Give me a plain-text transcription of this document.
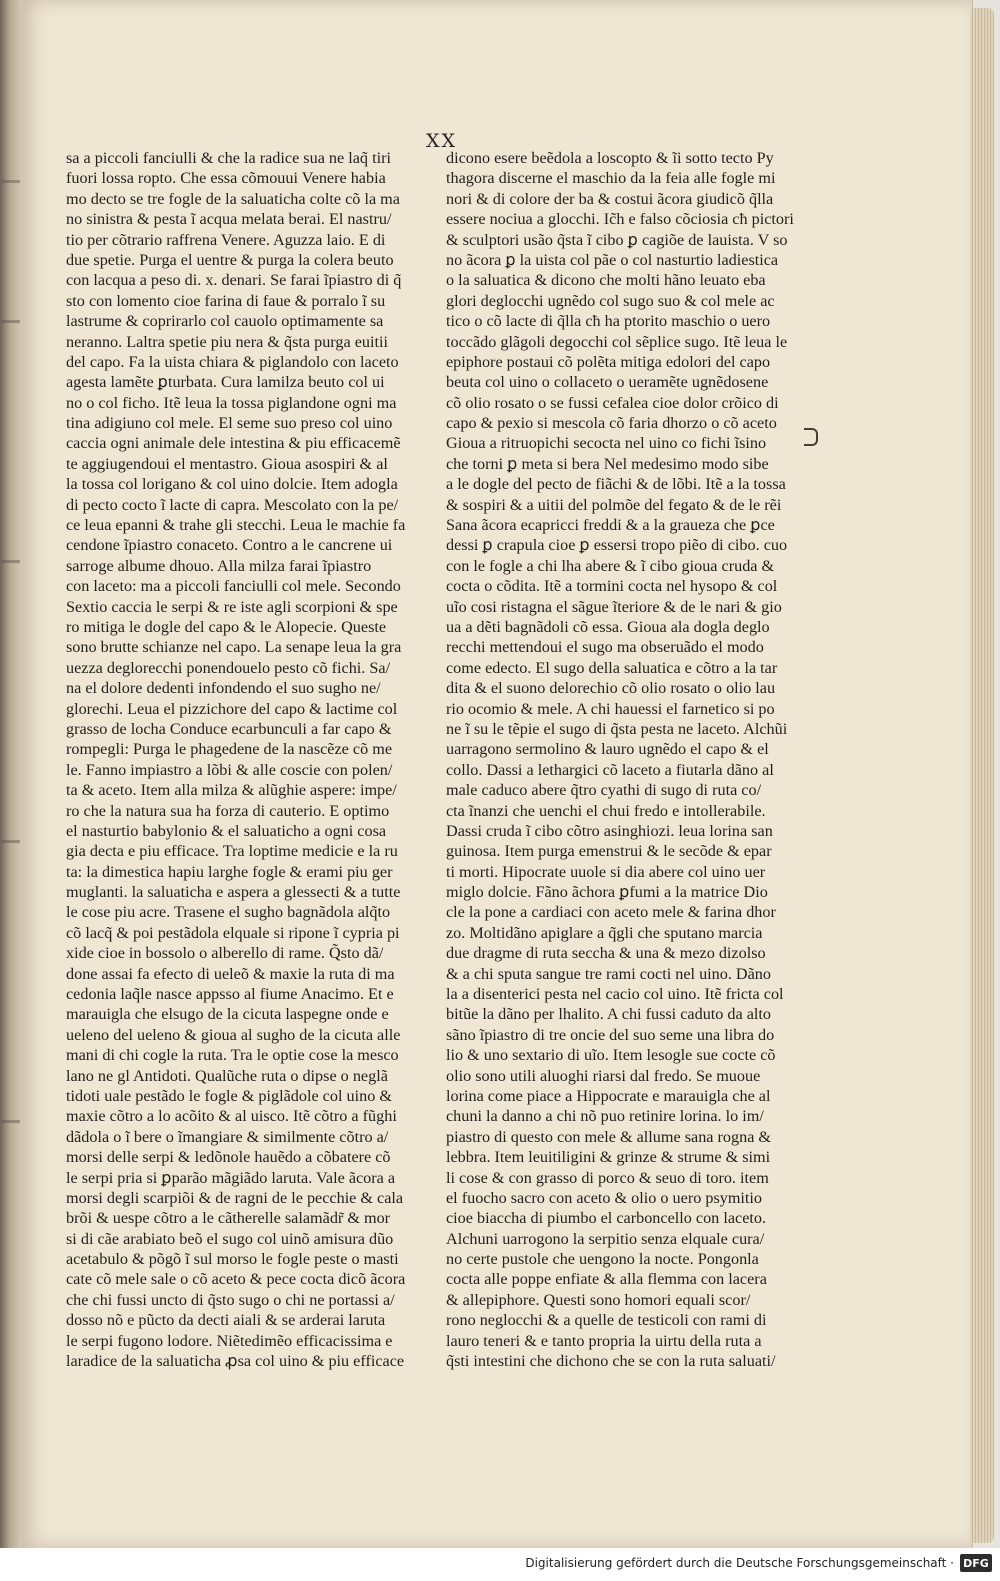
XX
sa a piccoli fanciulli & che la radice sua ne laq̃ tiri
fuori lossa ropto. Che essa cõmouui Venere habia
mo decto se tre fogle de la saluaticha colte cõ la ma
no sinistra & pesta ĩ acqua melata berai. El nastru/
tio per cõtrario raffrena Venere. Aguzza laio. E di
due spetie. Purga el uentre & purga la colera beuto
con lacqua a peso di. x. denari. Se farai ĩpiastro di q̃
sto con lomento cioe farina di faue & porralo ĩ su
lastrume & coprirarlo col cauolo optimamente sa
neranno. Laltra spetie piu nera & q̃sta purga euitii
del capo. Fa la uista chiara & piglandolo con laceto
agesta lamẽte ꝑturbata. Cura lamilza beuto col ui
no o col ficho. Itẽ leua la tossa piglandone ogni ma
tina adigiuno col mele. El seme suo preso col uino
caccia ogni animale dele intestina & piu efficacemẽ
te aggiugendoui el mentastro. Gioua asospiri & al
la tossa col lorigano & col uino dolcie. Item adogla
di pecto cocto ĩ lacte di capra. Mescolato con la pe/
ce leua epanni & trahe gli stecchi. Leua le machie fa
cendone ĩpiastro conaceto. Contro a le cancrene ui
sarroge albume dhouo. Alla milza farai ĩpiastro
con laceto: ma a piccoli fanciulli col mele. Secondo
Sextio caccia le serpi & re iste agli scorpioni & spe
ro mitiga le dogle del capo & le Alopecie. Queste
sono brutte schianze nel capo. La senape leua la gra
uezza deglorecchi ponendouelo pesto cõ fichi. Sa/
na el dolore dedenti infondendo el suo sugho ne/
glorechi. Leua el pizzichore del capo & lactime col
grasso de locha Conduce ecarbunculi a far capo &
rompegli: Purga le phagedene de la nascẽze cõ me
le. Fanno impiastro a lõbi & alle coscie con polen/
ta & aceto. Item alla milza & alũghie aspere: impe/
ro che la natura sua ha forza di cauterio. E optimo
el nasturtio babylonio & el saluaticho a ogni cosa
gia decta e piu efficace. Tra loptime medicie e la ru
ta: la dimestica hapiu larghe fogle & erami piu ger
muglanti. la saluaticha e aspera a glessecti & a tutte
le cose piu acre. Trasene el sugho bagnãdola alq̃to
cõ lacq̃ & poi pestãdola elquale si ripone ĩ cypria pi
xide cioe in bossolo o alberello di rame. Q̃sto dã/
done assai fa efecto di ueleõ & maxie la ruta di ma
cedonia laq̃le nasce appsso al fiume Anacimo. Et e
marauigla che elsugo de la cicuta laspegne onde e
ueleno del ueleno & gioua al sugho de la cicuta alle
mani di chi cogle la ruta. Tra le optie cose la mesco
lano ne gl Antidoti. Qualũche ruta o dipse o neglã
tidoti uale pestãdo le fogle & piglãdole col uino &
maxie cõtro a lo acõito & al uisco. Itẽ cõtro a fũghi
dãdola o ĩ bere o ĩmangiare & similmente cõtro a/
morsi delle serpi & ledõnole hauẽdo a cõbatere cõ
le serpi pria si ꝑparão mãgiãdo laruta. Vale ãcora a
morsi degli scarpiõi & de ragni de le pecchie & cala
brõi & uespe cõtro a le cãtherelle salamãdr̃ & mor
si di cãe arabiato beõ el sugo col uinõ amisura dũo
acetabulo & põgõ ĩ sul morso le fogle peste o masti
cate cõ mele sale o cõ aceto & pece cocta dicõ ãcora
che chi fussi uncto di q̃sto sugo o chi ne portassi a/
dosso nõ e pũcto da decti aiali & se arderai laruta
le serpi fugono lodore. Niẽtedimẽo efficacissima e
laradice de la saluaticha ꝓsa col uino & piu efficace
dicono esere beẽdola a loscopto & ĩi sotto tecto Py
thagora discerne el maschio da la feia alle fogle mi
nori & di colore der ba & costui ãcora giudicõ q̃lla
essere nociua a glocchi. Ic̃h e falso cõciosia cħ pictori
& sculptori usão q̃sta ĩ cibo ꝑ cagiõe de lauista. V so
no ãcora ꝑ la uista col pãe o col nasturtio ladiestica
o la saluatica & dicono che molti hãno leuato eba
glori deglocchi ugnẽdo col sugo suo & col mele ac
tico o cõ lacte di q̃lla cħ ha ptorito maschio o uero
toccãdo glãgoli degocchi col sẽplice sugo. Itẽ leua le
epiphore postaui cõ polẽta mitiga edolori del capo
beuta col uino o collaceto o ueramẽte ugnẽdosene
cõ olio rosato o se fussi cefalea cioe dolor crõico di
capo & pexio si mescola cõ faria dhorzo o cõ aceto
Gioua a ritruopichi secocta nel uino co fichi ĩsino
che torni ꝑ meta si bera Nel medesimo modo sibe
a le dogle del pecto de fiãchi & de lõbi. Itẽ a la tossa
& sospiri & a uitii del polmõe del fegato & de le rẽi
Sana ãcora ecapricci freddi & a la graueza che ꝑce
dessi ꝑ crapula cioe ꝑ essersi tropo piẽo di cibo. cuo
con le fogle a chi lha abere & ĩ cibo gioua cruda &
cocta o cõdita. Itẽ a tormini cocta nel hysopo & col
uĩo cosi ristagna el sãgue ĩteriore & de le nari & gio
ua a dẽti bagnãdoli cõ essa. Gioua ala dogla deglo
recchi mettendoui el sugo ma obseruãdo el modo
come edecto. El sugo della saluatica e cõtro a la tar
dita & el suono delorechio cõ olio rosato o olio lau
rio ocomio & mele. A chi hauessi el farnetico si po
ne ĩ su le tẽpie el sugo di q̃sta pesta ne laceto. Alchũi
uarragono sermolino & lauro ugnẽdo el capo & el
collo. Dassi a lethargici cõ laceto a fiutarla dãno al
male caduco abere q̃tro cyathi di sugo di ruta co/
cta ĩnanzi che uenchi el chui fredo e intollerabile.
Dassi cruda ĩ cibo cõtro asinghiozi. leua lorina san
guinosa. Item purga emenstrui & le secõde & epar
ti morti. Hipocrate uuole si dia abere col uino uer
miglo dolcie. Fãno ãchora ꝑfumi a la matrice Dio
cle la pone a cardiaci con aceto mele & farina dhor
zo. Moltidãno apiglare a q̃gli che sputano marcia
due dragme di ruta secchа & una & mezo dizolso
& a chi sputa sangue tre rami cocti nel uino. Dãno
la a disenterici pesta nel cacio col uino. Itẽ fricta col
bitũe la dãno per lhalito. A chi fussi caduto da alto
sãno ĩpiastro di tre oncie del suo seme una libra do
lio & uno sextario di uĩo. Item lesogle sue cocte cõ
olio sono utili aluoghi riarsi dal fredo. Se muoue
lorina come piace a Hippocrate e marauigla che al
chuni la danno a chi nõ puo retinire lorina. lo im/
piastro di questo con mele & allume sana rogna &
lebbra. Item leuitiligini & grinze & strume & simi
li cose & con grasso di porco & seuo di toro. item
el fuocho sacro con aceto & olio o uero psymitio
cioe biaccha di piumbo el carboncello con laceto.
Alchuni uarrogono la serpitio senza elquale cura/
no certe pustole che uengono la nocte. Pongonla
cocta alle poppe enfiate & alla flemma con lacera
& allepiphore. Questi sono homori equali scor/
rono neglocchi & a quelle de testicoli con rami di
lauro teneri & e tanto propria la uirtu della ruta a
q̃sti intestini che dichono che se con la ruta saluati/
Digitalisierung gefördert durch die Deutsche Forschungsgemeinschaft · DFG
